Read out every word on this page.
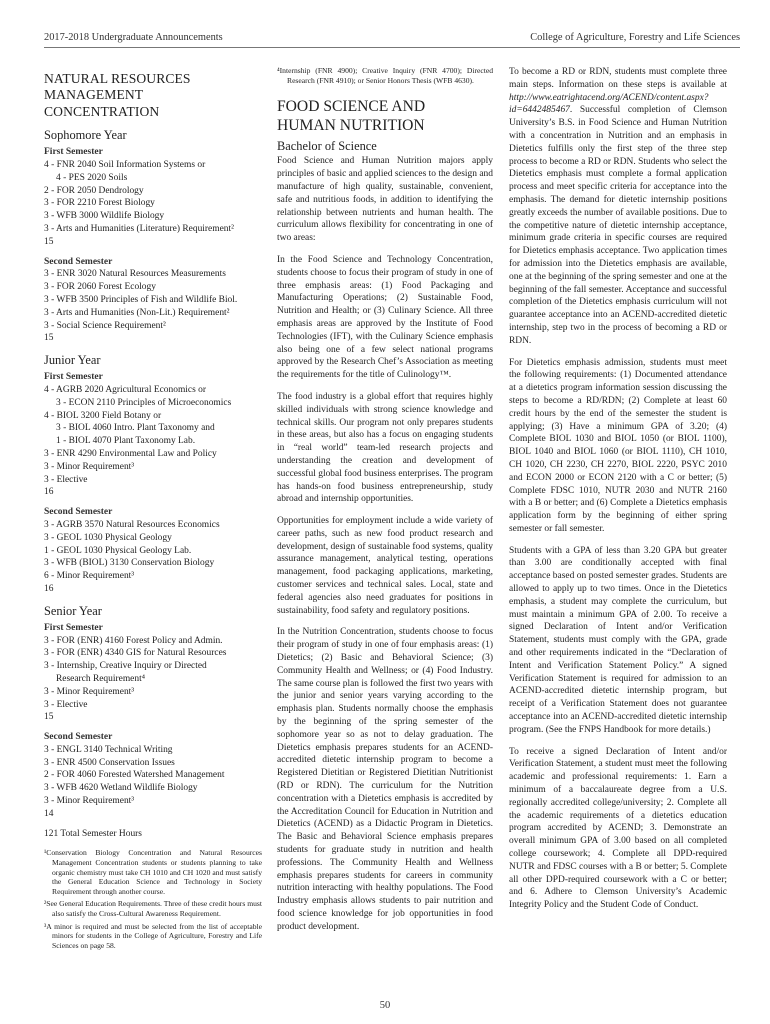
2017-2018 Undergraduate Announcements	College of Agriculture, Forestry and Life Sciences
NATURAL RESOURCES
MANAGEMENT
CONCENTRATION
Sophomore Year
First Semester
4 - FNR 2040 Soil Information Systems or
4 - PES 2020 Soils
2 - FOR 2050 Dendrology
3 - FOR 2210 Forest Biology
3 - WFB 3000 Wildlife Biology
3 - Arts and Humanities (Literature) Requirement²
15
Second Semester
3 - ENR 3020 Natural Resources Measurements
3 - FOR 2060 Forest Ecology
3 - WFB 3500 Principles of Fish and Wildlife Biol.
3 - Arts and Humanities (Non-Lit.) Requirement²
3 - Social Science Requirement²
15
Junior Year
First Semester
4 - AGRB 2020 Agricultural Economics or
3 - ECON 2110 Principles of Microeconomics
4 - BIOL 3200 Field Botany or
3 - BIOL 4060 Intro. Plant Taxonomy and
1 - BIOL 4070 Plant Taxonomy Lab.
3 - ENR 4290 Environmental Law and Policy
3 - Minor Requirement³
3 - Elective
16
Second Semester
3 - AGRB 3570 Natural Resources Economics
3 - GEOL 1030 Physical Geology
1 - GEOL 1030 Physical Geology Lab.
3 - WFB (BIOL) 3130 Conservation Biology
6 - Minor Requirement³
16
Senior Year
First Semester
3 - FOR (ENR) 4160 Forest Policy and Admin.
3 - FOR (ENR) 4340 GIS for Natural Resources
3 - Internship, Creative Inquiry or Directed
Research Requirement⁴
3 - Minor Requirement³
3 - Elective
15
Second Semester
3 - ENGL 3140 Technical Writing
3 - ENR 4500 Conservation Issues
2 - FOR 4060 Forested Watershed Management
3 - WFB 4620 Wetland Wildlife Biology
3 - Minor Requirement³
14
121 Total Semester Hours
¹Conservation Biology Concentration and Natural Resources Management Concentration students or students planning to take organic chemistry must take CH 1010 and CH 1020 and must satisfy the General Education Science and Technology in Society Requirement through another course.
²See General Education Requirements. Three of these credit hours must also satisfy the Cross-Cultural Awareness Requirement.
³A minor is required and must be selected from the list of acceptable minors for students in the College of Agriculture, Forestry and Life Sciences on page 58.
⁴Internship (FNR 4900); Creative Inquiry (FNR 4700); Directed Research (FNR 4910); or Senior Honors Thesis (WFB 4630).
FOOD SCIENCE AND
HUMAN NUTRITION
Bachelor of Science

Food Science and Human Nutrition majors apply principles of basic and applied sciences to the design and manufacture of high quality, sustainable, convenient, safe and nutritious foods, in addition to identifying the relationship between nutrients and human health. The curriculum allows flexibility for concentrating in one of two areas:

In the Food Science and Technology Concentration, students choose to focus their program of study in one of three emphasis areas: (1) Food Packaging and Manufacturing Operations; (2) Sustainable Food, Nutrition and Health; or (3) Culinary Science. All three emphasis areas are approved by the Institute of Food Technologies (IFT), with the Culinary Science emphasis also being one of a few select national programs approved by the Research Chef’s Association as meeting the requirements for the title of Culinology™.

The food industry is a global effort that requires highly skilled individuals with strong science knowledge and technical skills. Our program not only prepares students in these areas, but also has a focus on engaging students in “real world” team-led research projects and understanding the creation and development of successful global food business enterprises. The program has hands-on food business entrepreneurship, study abroad and internship opportunities.

Opportunities for employment include a wide variety of career paths, such as new food product research and development, design of sustainable food systems, quality assurance management, analytical testing, operations management, food packaging applications, marketing, customer services and technical sales. Local, state and federal agencies also need graduates for positions in sustainability, food safety and regulatory positions.

In the Nutrition Concentration, students choose to focus their program of study in one of four emphasis areas: (1) Dietetics; (2) Basic and Behavioral Science; (3) Community Health and Wellness; or (4) Food Industry. The same course plan is followed the first two years with the junior and senior years varying according to the emphasis plan. Students normally choose the emphasis by the beginning of the spring semester of the sophomore year so as not to delay graduation. The Dietetics emphasis prepares students for an ACEND-accredited dietetic internship program to become a Registered Dietitian or Registered Dietitian Nutritionist (RD or RDN). The curriculum for the Nutrition concentration with a Dietetics emphasis is accredited by the Accreditation Council for Education in Nutrition and Dietetics (ACEND) as a Didactic Program in Dietetics. The Basic and Behavioral Science emphasis prepares students for graduate study in nutrition and health professions. The Community Health and Wellness emphasis prepares students for careers in community nutrition interacting with healthy populations. The Food Industry emphasis allows students to pair nutrition and food science knowledge for job opportunities in food product development.

To become a RD or RDN, students must complete three main steps. Information on these steps is available at http://www.eatrightacend.org/ACEND/content.aspx?id=6442485467. Successful completion of Clemson University’s B.S. in Food Science and Human Nutrition with a concentration in Nutrition and an emphasis in Dietetics fulfills only the first step of the three step process to become a RD or RDN. Students who select the Dietetics emphasis must complete a formal application process and meet specific criteria for acceptance into the emphasis. The demand for dietetic internship positions greatly exceeds the number of available positions. Due to the competitive nature of dietetic internship acceptance, minimum grade criteria in specific courses are required for Dietetics emphasis acceptance. Two application times for admission into the Dietetics emphasis are available, one at the beginning of the spring semester and one at the beginning of the fall semester. Acceptance and successful completion of the Dietetics emphasis curriculum will not guarantee acceptance into an ACEND-accredited dietetic internship, step two in the process of becoming a RD or RDN.

For Dietetics emphasis admission, students must meet the following requirements: (1) Documented attendance at a dietetics program information session discussing the steps to become a RD/RDN; (2) Complete at least 60 credit hours by the end of the semester the student is applying; (3) Have a minimum GPA of 3.20; (4) Complete BIOL 1030 and BIOL 1050 (or BIOL 1100), BIOL 1040 and BIOL 1060 (or BIOL 1110), CH 1010, CH 1020, CH 2230, CH 2270, BIOL 2220, PSYC 2010 and ECON 2000 or ECON 2120 with a C or better; (5) Complete FDSC 1010, NUTR 2030 and NUTR 2160 with a B or better; and (6) Complete a Dietetics emphasis application form by the beginning of either spring semester or fall semester.

Students with a GPA of less than 3.20 GPA but greater than 3.00 are conditionally accepted with final acceptance based on posted semester grades. Students are allowed to apply up to two times. Once in the Dietetics emphasis, a student may complete the curriculum, but must maintain a minimum GPA of 2.00. To receive a signed Declaration of Intent and/or Verification Statement, students must comply with the GPA, grade and other requirements indicated in the “Declaration of Intent and Verification Statement Policy.” A signed Verification Statement is required for admission to an ACEND-accredited dietetic internship program, but receipt of a Verification Statement does not guarantee acceptance into an ACEND-accredited dietetic internship program. (See the FNPS Handbook for more details.)

To receive a signed Declaration of Intent and/or Verification Statement, a student must meet the following academic and professional requirements: 1. Earn a minimum of a baccalaureate degree from a U.S. regionally accredited college/university; 2. Complete all the academic requirements of a dietetics education program accredited by ACEND; 3. Demonstrate an overall minimum GPA of 3.00 based on all completed college coursework; 4. Complete all DPD-required NUTR and FDSC courses with a B or better; 5. Complete all other DPD-required coursework with a C or better; and 6. Adhere to Clemson University’s Academic Integrity Policy and the Student Code of Conduct.

50
